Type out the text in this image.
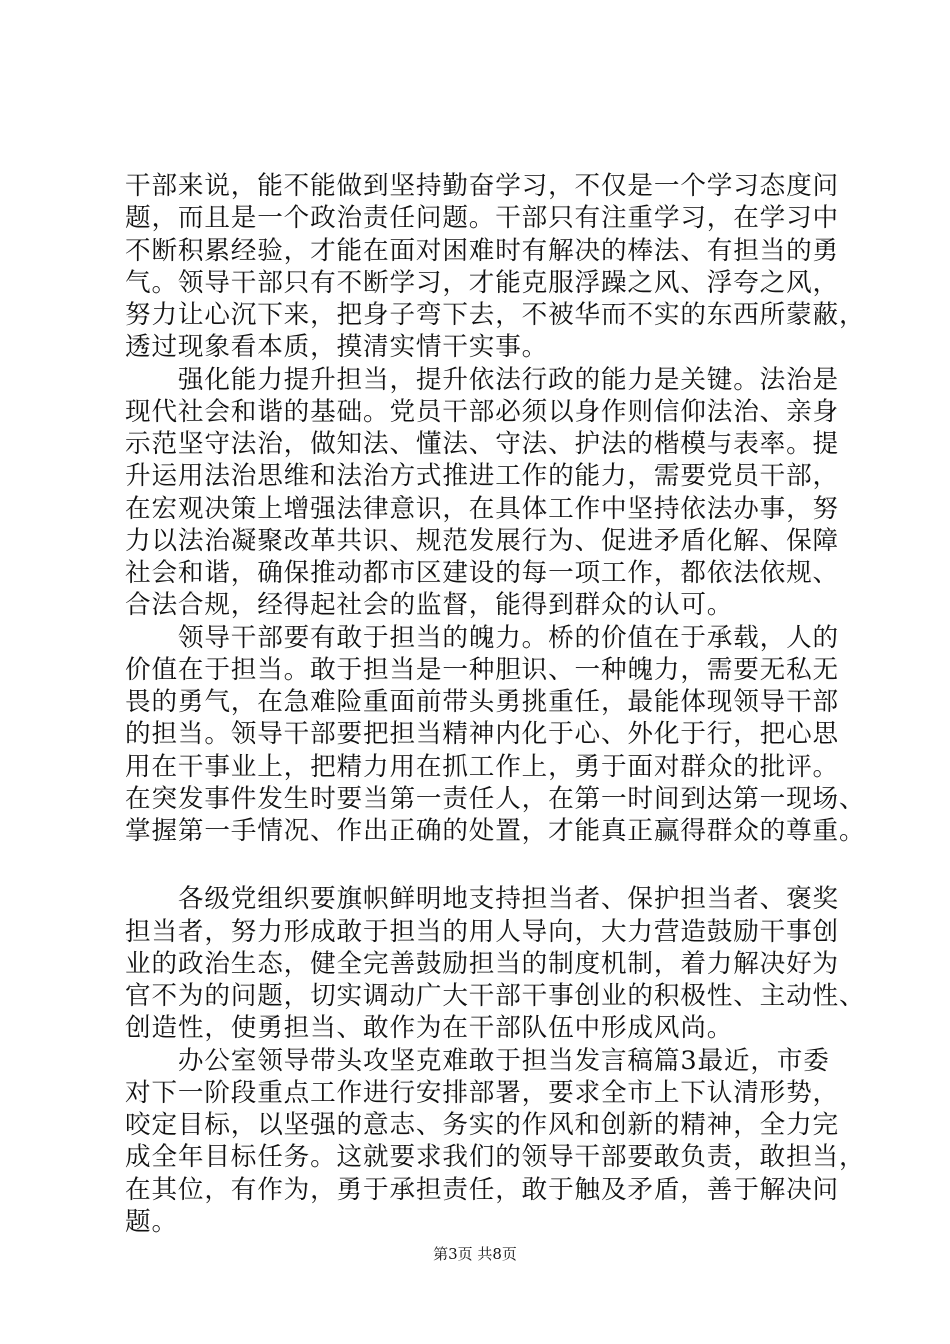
干部来说，能不能做到坚持勤奋学习，不仅是一个学习态度问
题，而且是一个政治责任问题。干部只有注重学习，在学习中
不断积累经验，才能在面对困难时有解决的棒法、有担当的勇
气。领导干部只有不断学习，才能克服浮躁之风、浮夸之风，
努力让心沉下来，把身子弯下去，不被华而不实的东西所蒙蔽，
透过现象看本质，摸清实情干实事。

　　强化能力提升担当，提升依法行政的能力是关键。法治是
现代社会和谐的基础。党员干部必须以身作则信仰法治、亲身
示范坚守法治，做知法、懂法、守法、护法的楷模与表率。提
升运用法治思维和法治方式推进工作的能力，需要党员干部，
在宏观决策上增强法律意识，在具体工作中坚持依法办事，努
力以法治凝聚改革共识、规范发展行为、促进矛盾化解、保障
社会和谐，确保推动都市区建设的每一项工作，都依法依规、
合法合规，经得起社会的监督，能得到群众的认可。

　　领导干部要有敢于担当的魄力。桥的价值在于承载，人的
价值在于担当。敢于担当是一种胆识、一种魄力，需要无私无
畏的勇气，在急难险重面前带头勇挑重任，最能体现领导干部
的担当。领导干部要把担当精神内化于心、外化于行，把心思
用在干事业上，把精力用在抓工作上，勇于面对群众的批评。
在突发事件发生时要当第一责任人，在第一时间到达第一现场、
掌握第一手情况、作出正确的处置，才能真正赢得群众的尊重。

　　各级党组织要旗帜鲜明地支持担当者、保护担当者、褒奖
担当者，努力形成敢于担当的用人导向，大力营造鼓励干事创
业的政治生态，健全完善鼓励担当的制度机制，着力解决好为
官不为的问题，切实调动广大干部干事创业的积极性、主动性、
创造性，使勇担当、敢作为在干部队伍中形成风尚。

　　办公室领导带头攻坚克难敢于担当发言稿篇3最近，市委
对下一阶段重点工作进行安排部署，要求全市上下认清形势，
咬定目标，以坚强的意志、务实的作风和创新的精神，全力完
成全年目标任务。这就要求我们的领导干部要敢负责，敢担当，
在其位，有作为，勇于承担责任，敢于触及矛盾，善于解决问
题。

第3页 共8页
